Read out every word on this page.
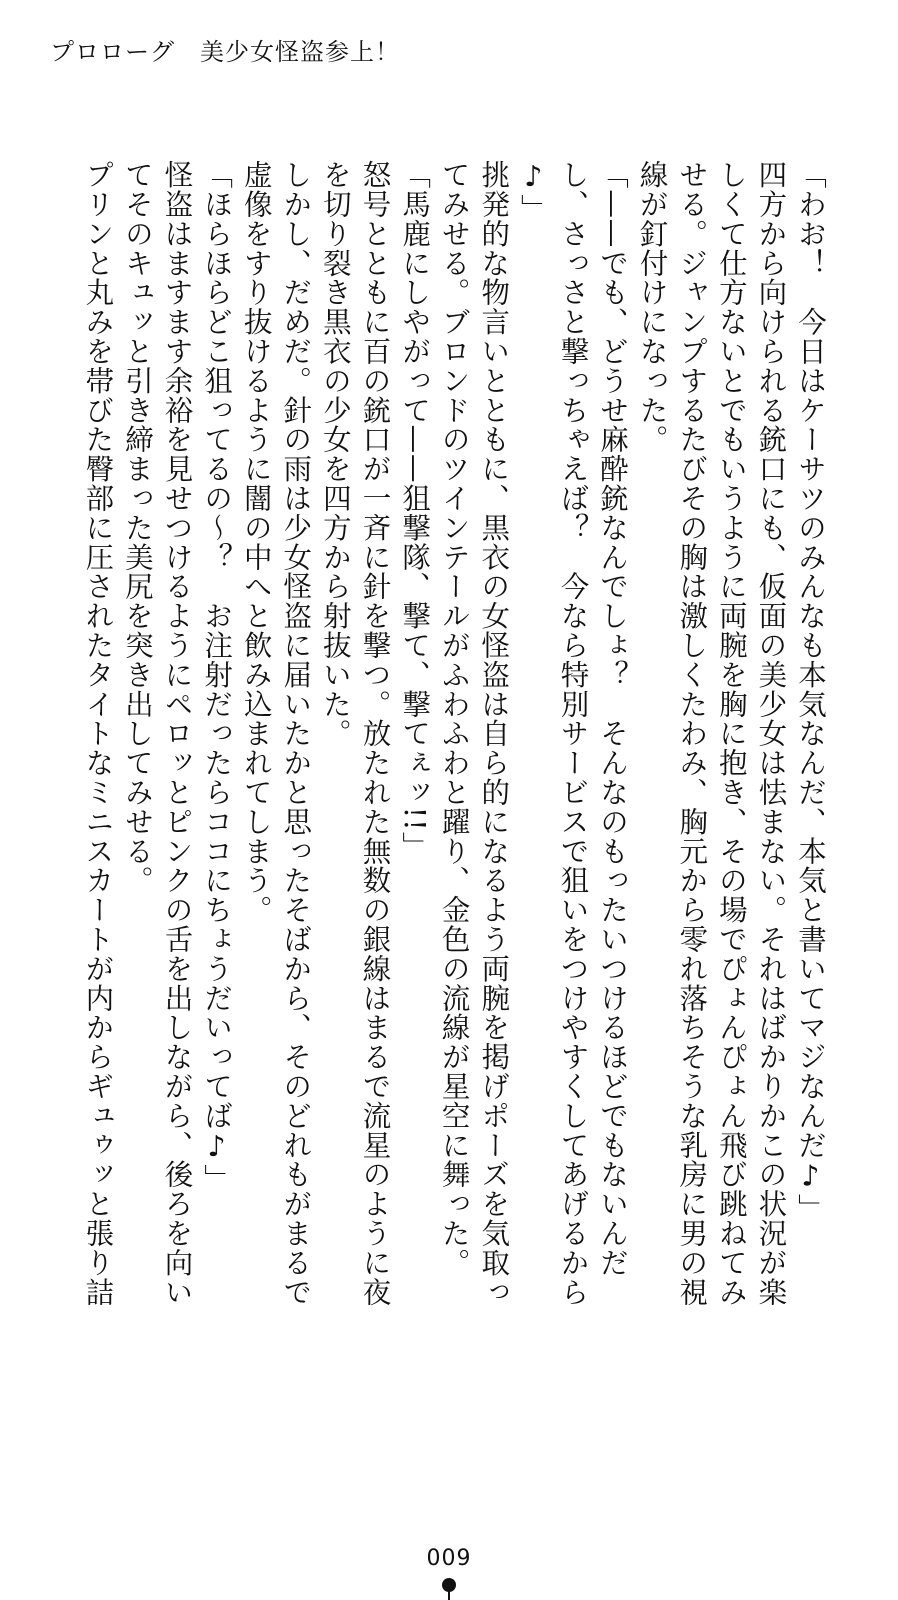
プロローグ　美少女怪盗参上！

「わお！　今日はケーサツのみんなも本気なんだ、本気と書いてマジなんだ♪」

四方から向けられる銃口にも、仮面の美少女は怯まない。それはばかりかこの状況が楽しくて仕方ないとでもいうように両腕を胸に抱き、その場でぴょんぴょん飛び跳ねてみせる。ジャンプするたびその胸は激しくたわみ、胸元から零れ落ちそうな乳房に男の視線が釘付けになった。

「——でも、どうせ麻酔銃なんでしょ？　そんなのもったいつけるほどでもないんだし、さっさと撃っちゃえば？　今なら特別サービスで狙いをつけやすくしてあげるから♪」

挑発的な物言いとともに、黒衣の女怪盗は自ら的になるよう両腕を掲げポーズを気取ってみせる。ブロンドのツインテールがふわふわと躍り、金色の流線が星空に舞った。

「馬鹿にしやがって——狙撃隊、撃て、撃てぇッ!!」

怒号とともに百の銃口が一斉に針を撃つ。放たれた無数の銀線はまるで流星のように夜を切り裂き黒衣の少女を四方から射抜いた。

しかし、だめだ。針の雨は少女怪盗に届いたかと思ったそばから、そのどれもがまるで虚像をすり抜けるように闇の中へと飲み込まれてしまう。

「ほらほらどこ狙ってるの～？　お注射だったらココにちょうだいってば♪」

怪盗はますます余裕を見せつけるようにペロッとピンクの舌を出しながら、後ろを向いてそのキュッと引き締まった美尻を突き出してみせる。

プリンと丸みを帯びた臀部に圧されたタイトなミニスカートが内からギュゥッと張り詰

009
